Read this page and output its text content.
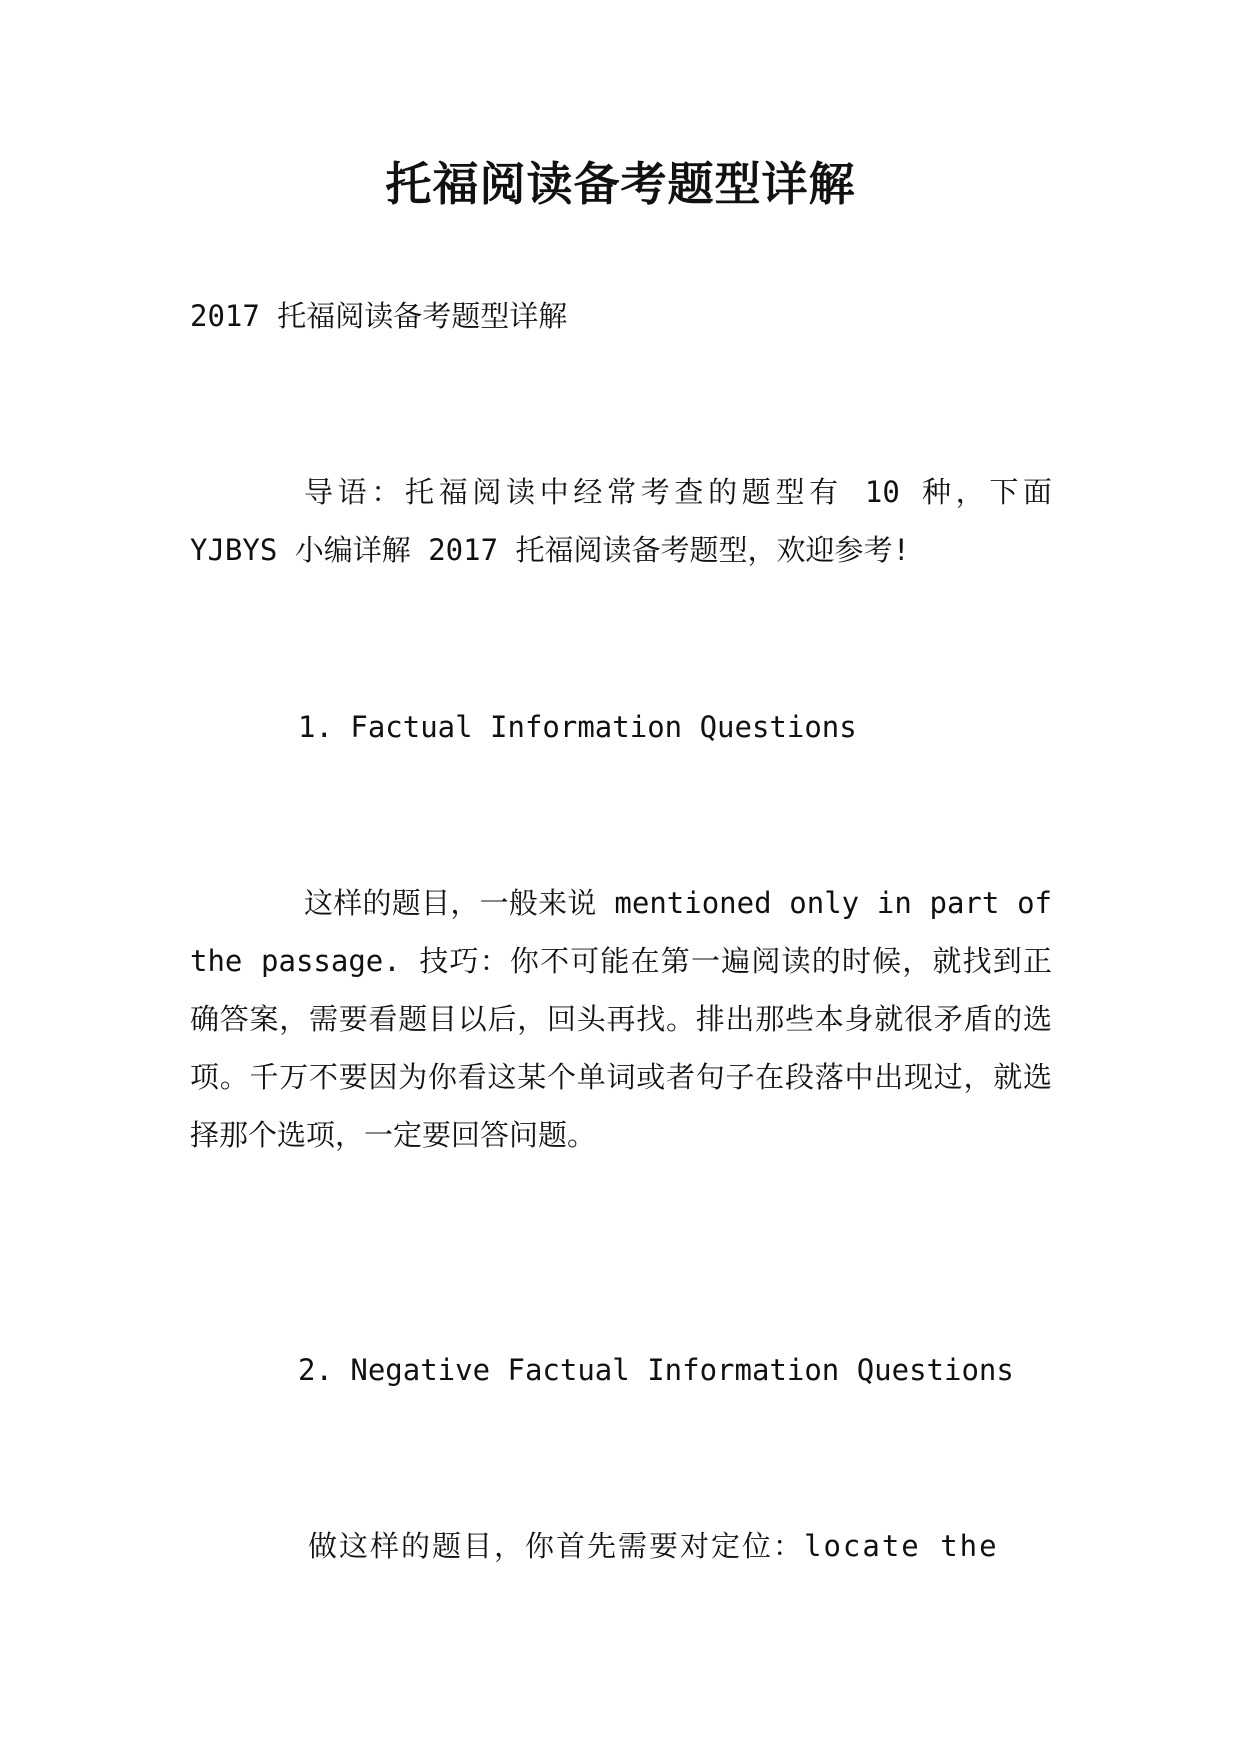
托福阅读备考题型详解
2017 托福阅读备考题型详解
导语：托福阅读中经常考查的题型有 10 种，下面 YJBYS 小编详解 2017 托福阅读备考题型，欢迎参考!
1. Factual Information Questions
这样的题目，一般来说 mentioned only in part of the passage. 技巧：你不可能在第一遍阅读的时候，就找到正确答案，需要看题目以后，回头再找。排出那些本身就很矛盾的选项。千万不要因为你看这某个单词或者句子在段落中出现过，就选择那个选项，一定要回答问题。
2. Negative Factual Information Questions
做这样的题目，你首先需要对定位：locate the
